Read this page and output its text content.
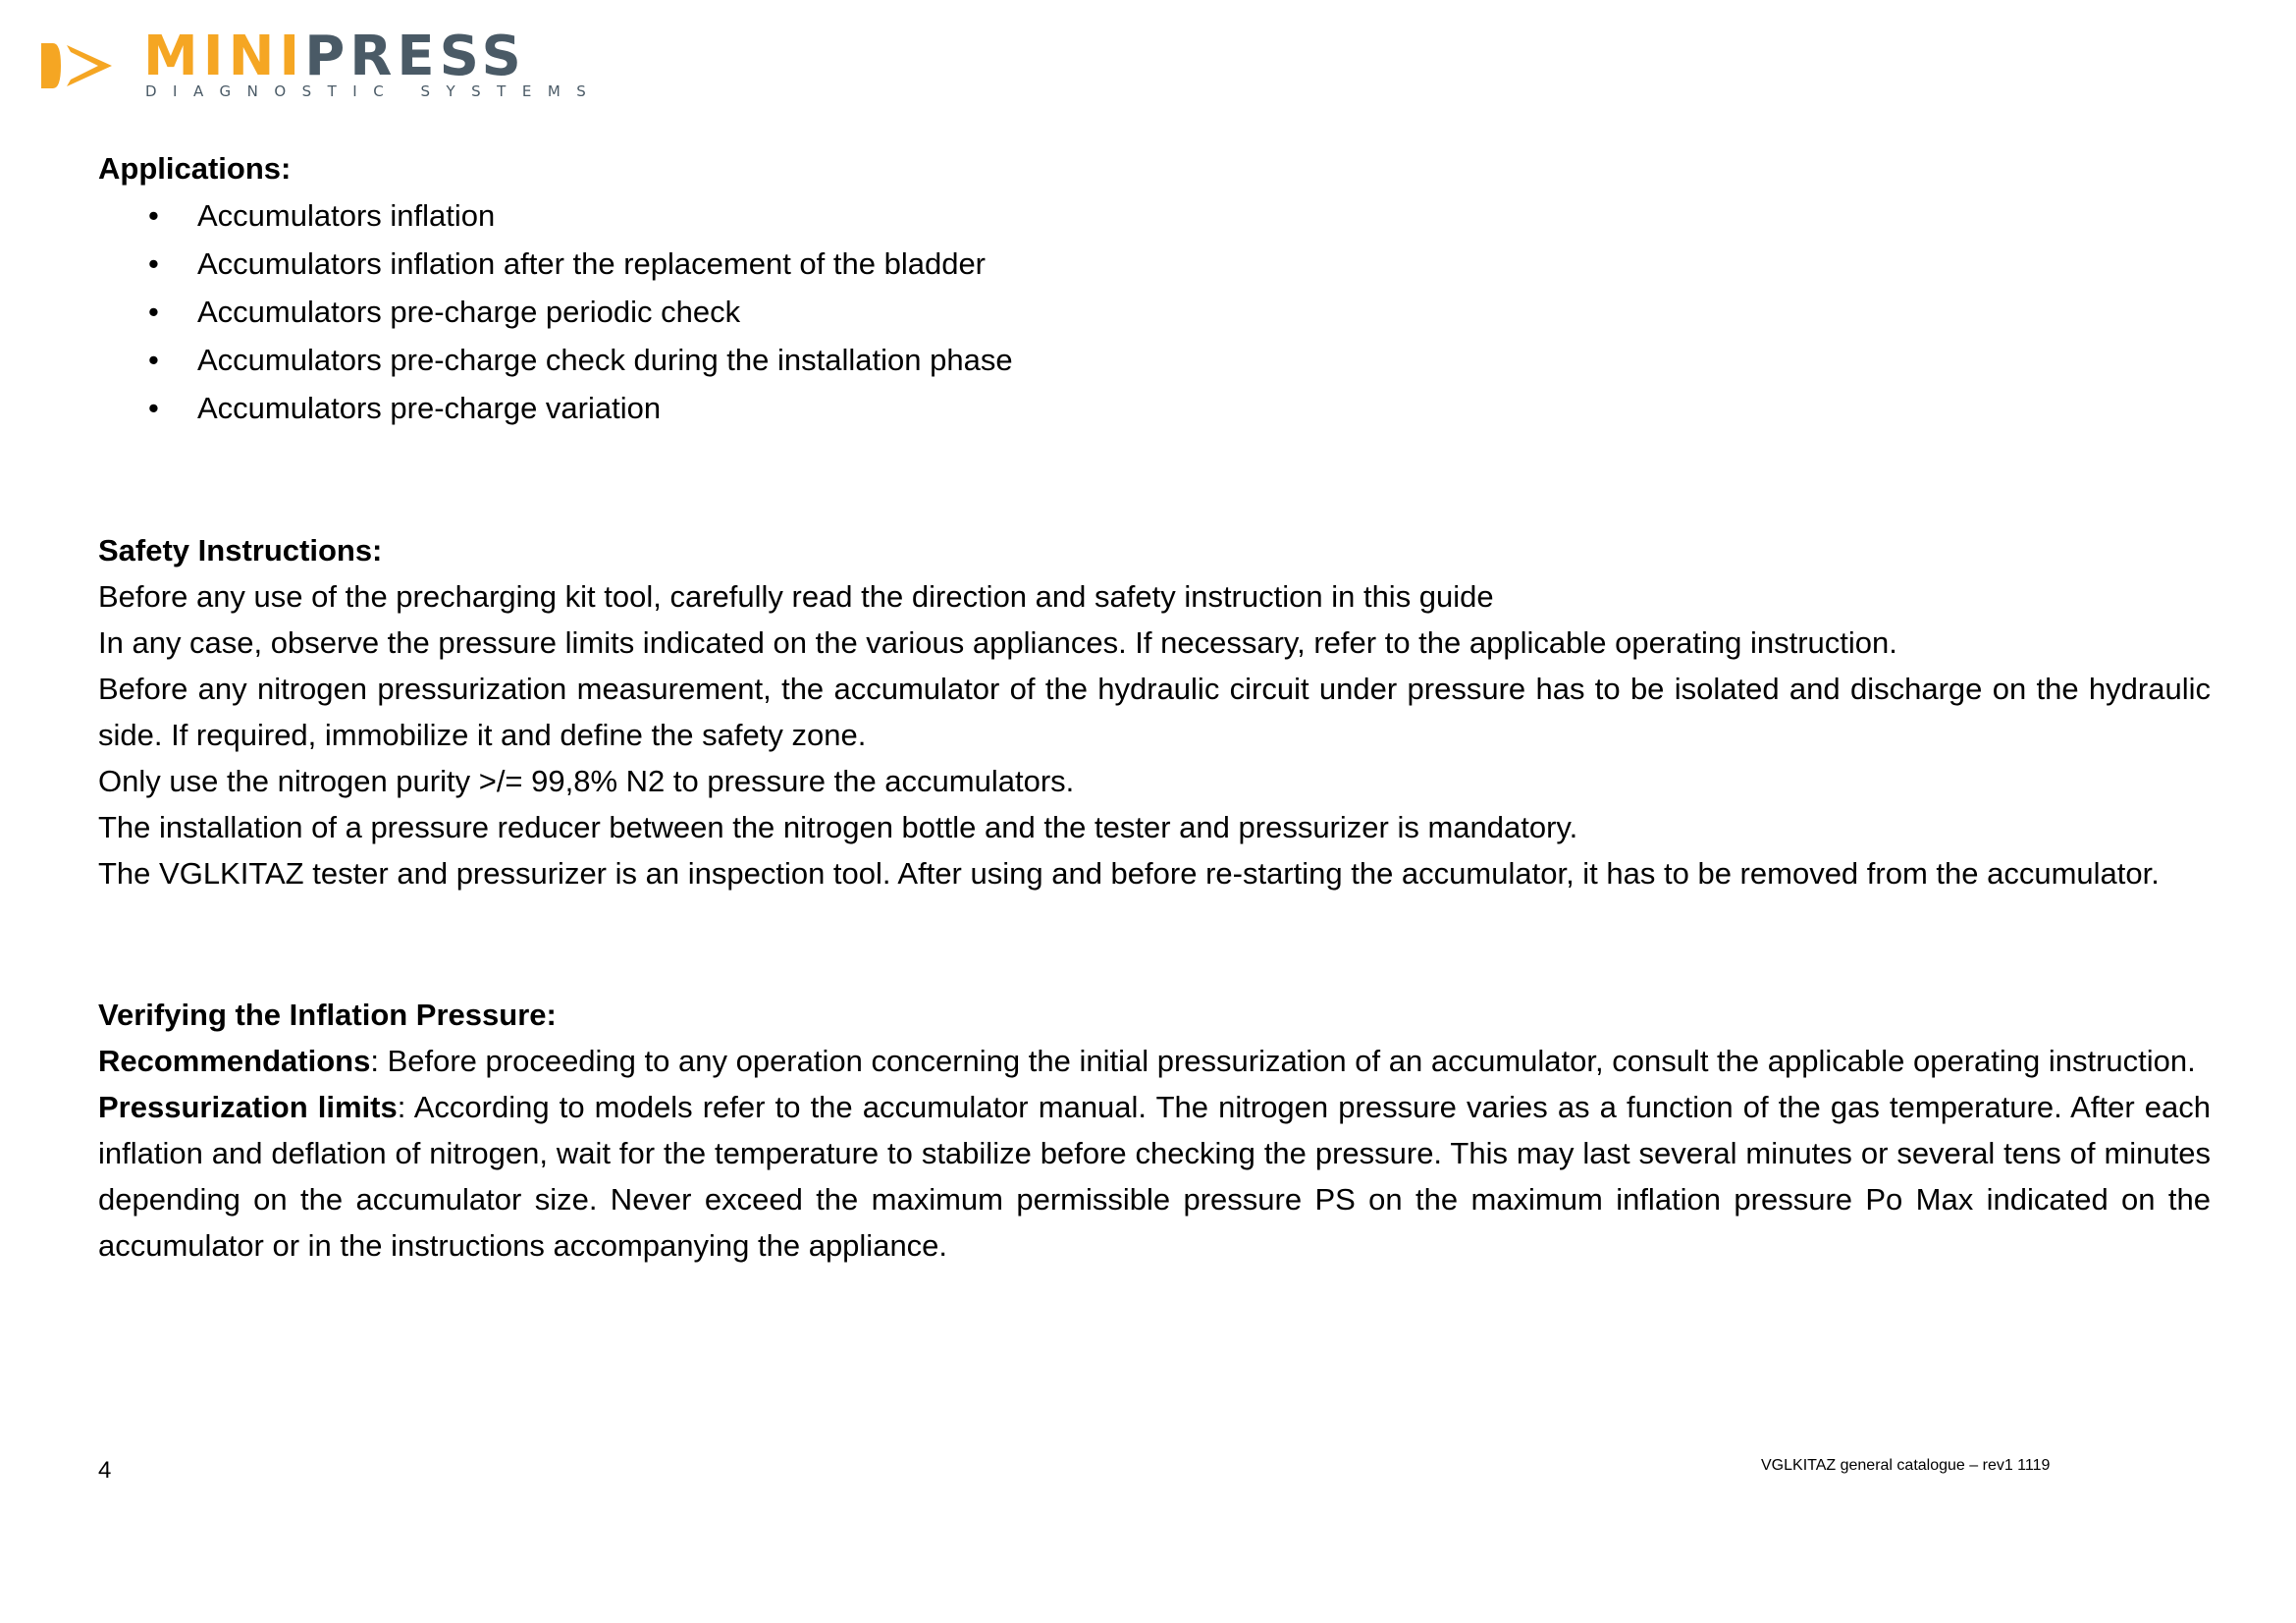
MINIPRESS
DIAGNOSTIC SYSTEMS

Applications:

• Accumulators inflation
• Accumulators inflation after the replacement of the bladder
• Accumulators pre-charge periodic check
• Accumulators pre-charge check during the installation phase
• Accumulators pre-charge variation

Safety Instructions:

Before any use of the precharging kit tool, carefully read the direction and safety instruction in this guide

In any case, observe the pressure limits indicated on the various appliances. If necessary, refer to the applicable operating instruction.

Before any nitrogen pressurization measurement, the accumulator of the hydraulic circuit under pressure has to be isolated and discharge on the hydraulic side. If required, immobilize it and define the safety zone.

Only use the nitrogen purity >/= 99,8% N2 to pressure the accumulators.

The installation of a pressure reducer between the nitrogen bottle and the tester and pressurizer is mandatory.

The VGLKITAZ tester and pressurizer is an inspection tool. After using and before re-starting the accumulator, it has to be removed from the accumulator.

Verifying the Inflation Pressure:

Recommendations: Before proceeding to any operation concerning the initial pressurization of an accumulator, consult the applicable operating instruction.

Pressurization limits: According to models refer to the accumulator manual. The nitrogen pressure varies as a function of the gas temperature. After each inflation and deflation of nitrogen, wait for the temperature to stabilize before checking the pressure. This may last several minutes or several tens of minutes depending on the accumulator size. Never exceed the maximum permissible pressure PS on the maximum inflation pressure Po Max indicated on the accumulator or in the instructions accompanying the appliance.

4	VGLKITAZ general catalogue – rev1 1119
